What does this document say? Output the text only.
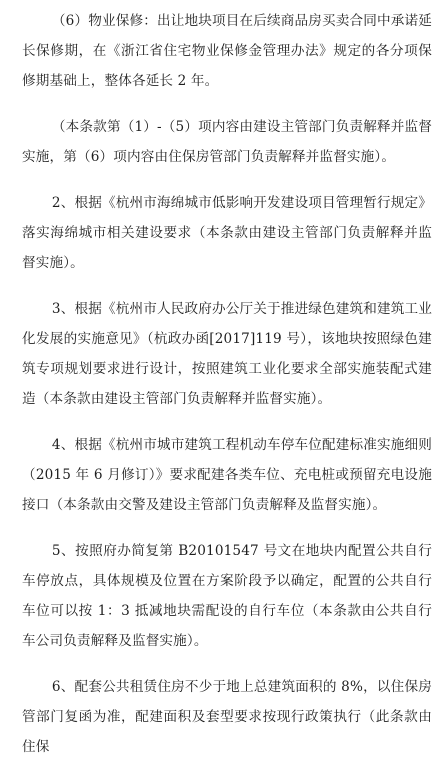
（6）物业保修：出让地块项目在后续商品房买卖合同中承诺延长保修期，在《浙江省住宅物业保修金管理办法》规定的各分项保修期基础上，整体各延长 2 年。

（本条款第（1）-（5）项内容由建设主管部门负责解释并监督实施，第（6）项内容由住保房管部门负责解释并监督实施）。

2、根据《杭州市海绵城市低影响开发建设项目管理暂行规定》落实海绵城市相关建设要求（本条款由建设主管部门负责解释并监督实施）。

3、根据《杭州市人民政府办公厅关于推进绿色建筑和建筑工业化发展的实施意见》（杭政办函[2017]119 号），该地块按照绿色建筑专项规划要求进行设计，按照建筑工业化要求全部实施装配式建造（本条款由建设主管部门负责解释并监督实施）。

4、根据《杭州市城市建筑工程机动车停车位配建标准实施细则（2015 年 6 月修订）》要求配建各类车位、充电桩或预留充电设施接口（本条款由交警及建设主管部门负责解释及监督实施）。

5、按照府办简复第 B20101547 号文在地块内配置公共自行车停放点，具体规模及位置在方案阶段予以确定，配置的公共自行车位可以按 1：3 抵减地块需配设的自行车位（本条款由公共自行车公司负责解释及监督实施）。

6、配套公共租赁住房不少于地上总建筑面积的 8%，以住保房管部门复函为准，配建面积及套型要求按现行政策执行（此条款由住保
